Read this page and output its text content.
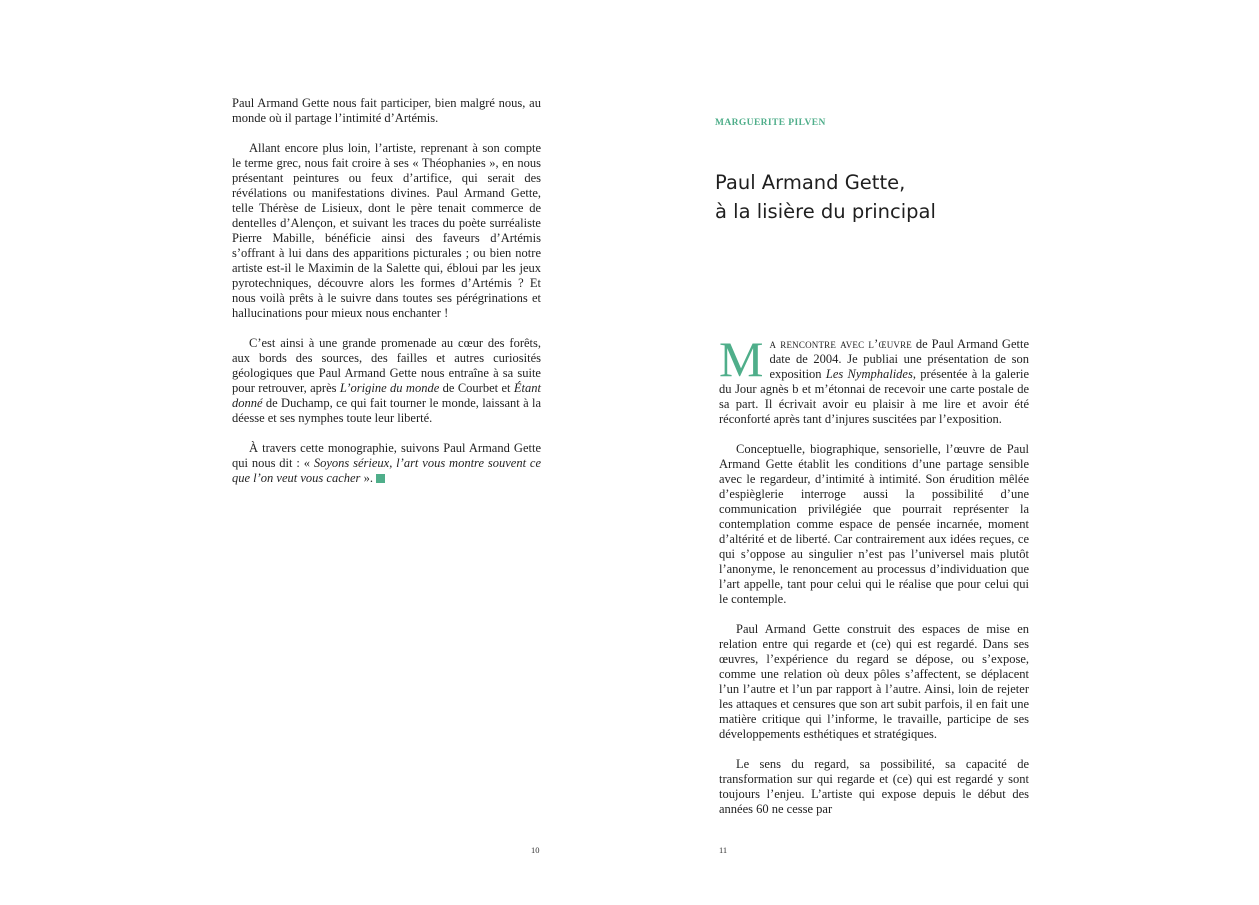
Paul Armand Gette nous fait participer, bien malgré nous, au monde où il partage l’intimité d’Artémis.

Allant encore plus loin, l’artiste, reprenant à son compte le terme grec, nous fait croire à ses « Théophanies », en nous présentant peintures ou feux d’artifice, qui serait des révélations ou manifestations divines. Paul Armand Gette, telle Thérèse de Lisieux, dont le père tenait commerce de dentelles d’Alençon, et suivant les traces du poète surréaliste Pierre Mabille, bénéficie ainsi des faveurs d’Artémis s’offrant à lui dans des apparitions picturales ; ou bien notre artiste est-il le Maximin de la Salette qui, ébloui par les jeux pyrotechniques, découvre alors les formes d’Artémis ? Et nous voilà prêts à le suivre dans toutes ses pérégrinations et hallucinations pour mieux nous enchanter !

C’est ainsi à une grande promenade au cœur des forêts, aux bords des sources, des failles et autres curiosités géologiques que Paul Armand Gette nous entraîne à sa suite pour retrouver, après L’origine du monde de Courbet et Étant donné de Duchamp, ce qui fait tourner le monde, laissant à la déesse et ses nymphes toute leur liberté.

À travers cette monographie, suivons Paul Armand Gette qui nous dit : « Soyons sérieux, l’art vous montre souvent ce que l’on veut vous cacher ».

10
MARGUERITE PILVEN
Paul Armand Gette,
à la lisière du principal

Ma rencontre avec l’œuvre de Paul Armand Gette date de 2004. Je publiai une présentation de son exposition Les Nymphalides, présentée à la galerie du Jour agnès b et m’étonnai de recevoir une carte postale de sa part. Il écrivait avoir eu plaisir à me lire et avoir été réconforté après tant d’injures suscitées par l’exposition.

Conceptuelle, biographique, sensorielle, l’œuvre de Paul Armand Gette établit les conditions d’une partage sensible avec le regardeur, d’intimité à intimité. Son érudition mêlée d’espièglerie interroge aussi la possibilité d’une communication privilégiée que pourrait représenter la contemplation comme espace de pensée incarnée, moment d’altérité et de liberté. Car contrairement aux idées reçues, ce qui s’oppose au singulier n’est pas l’universel mais plutôt l’anonyme, le renoncement au processus d’individuation que l’art appelle, tant pour celui qui le réalise que pour celui qui le contemple.

Paul Armand Gette construit des espaces de mise en relation entre qui regarde et (ce) qui est regardé. Dans ses œuvres, l’expérience du regard se dépose, ou s’expose, comme une relation où deux pôles s’affectent, se déplacent l’un l’autre et l’un par rapport à l’autre. Ainsi, loin de rejeter les attaques et censures que son art subit parfois, il en fait une matière critique qui l’informe, le travaille, participe de ses développements esthétiques et stratégiques.

Le sens du regard, sa possibilité, sa capacité de transformation sur qui regarde et (ce) qui est regardé y sont toujours l’enjeu. L’artiste qui expose depuis le début des années 60 ne cesse par

11
